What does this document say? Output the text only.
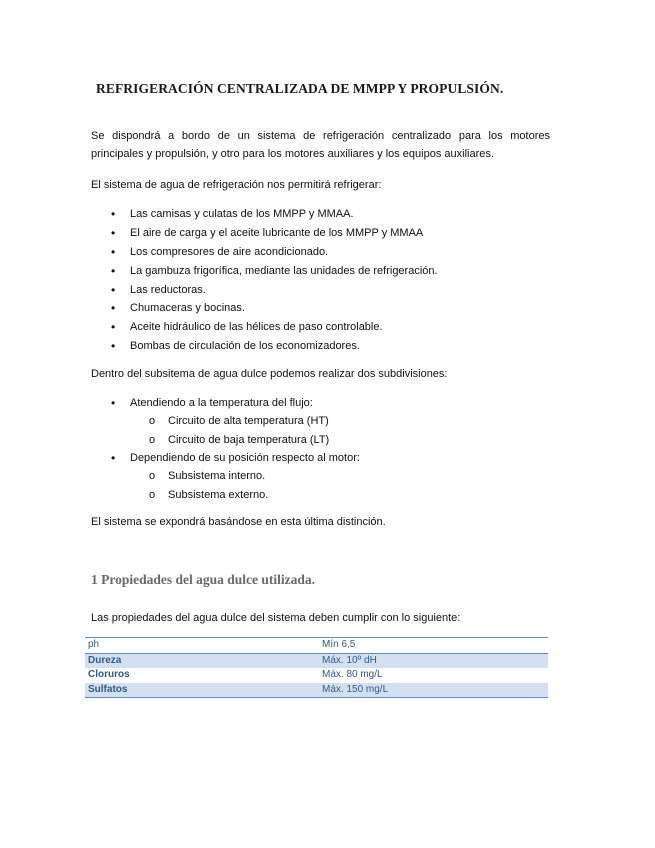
REFRIGERACIÓN CENTRALIZADA DE MMPP Y PROPULSIÓN.
Se dispondrá a bordo de un sistema de refrigeración centralizado para los motores principales y propulsión, y otro para los motores auxiliares y los equipos auxiliares.
El sistema de agua de refrigeración nos permitirá refrigerar:
• Las camisas y culatas de los MMPP y MMAA.
• El aire de carga y el aceite lubricante de los MMPP y MMAA
• Los compresores de aire acondicionado.
• La gambuza frigorífica, mediante las unidades de refrigeración.
• Las reductoras.
• Chumaceras y bocinas.
• Aceite hidráulico de las hélices de paso controlable.
• Bombas de circulación de los economizadores.
Dentro del subsitema de agua dulce podemos realizar dos subdivisiones:
• Atendiendo a la temperatura del flujo:
o Circuito de alta temperatura (HT)
o Circuito de baja temperatura (LT)
• Dependiendo de su posición respecto al motor:
o Subsistema interno.
o Subsistema externo.
El sistema se expondrá basándose en esta última distinción.
1 Propiedades del agua dulce utilizada.
Las propiedades del agua dulce del sistema deben cumplir con lo siguiente:
ph	Mín 6,5
Dureza	Máx. 10º dH
Cloruros	Máx. 80 mg/L
Sulfatos	Máx. 150 mg/L
